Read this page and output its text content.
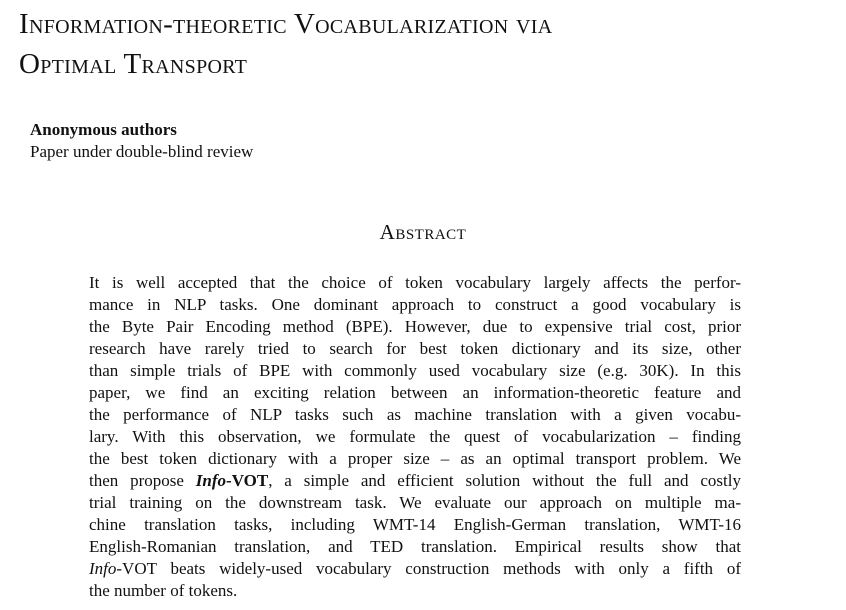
Information-theoretic Vocabularization via
Optimal Transport
Anonymous authors
Paper under double-blind review
Abstract
It is well accepted that the choice of token vocabulary largely affects the perfor-
mance in NLP tasks. One dominant approach to construct a good vocabulary is
the Byte Pair Encoding method (BPE). However, due to expensive trial cost, prior
research have rarely tried to search for best token dictionary and its size, other
than simple trials of BPE with commonly used vocabulary size (e.g. 30K). In this
paper, we find an exciting relation between an information-theoretic feature and
the performance of NLP tasks such as machine translation with a given vocabu-
lary. With this observation, we formulate the quest of vocabularization – finding
the best token dictionary with a proper size – as an optimal transport problem. We
then propose Info-VOT, a simple and efficient solution without the full and costly
trial training on the downstream task. We evaluate our approach on multiple ma-
chine translation tasks, including WMT-14 English-German translation, WMT-16
English-Romanian translation, and TED translation. Empirical results show that
Info-VOT beats widely-used vocabulary construction methods with only a fifth of
the number of tokens.
